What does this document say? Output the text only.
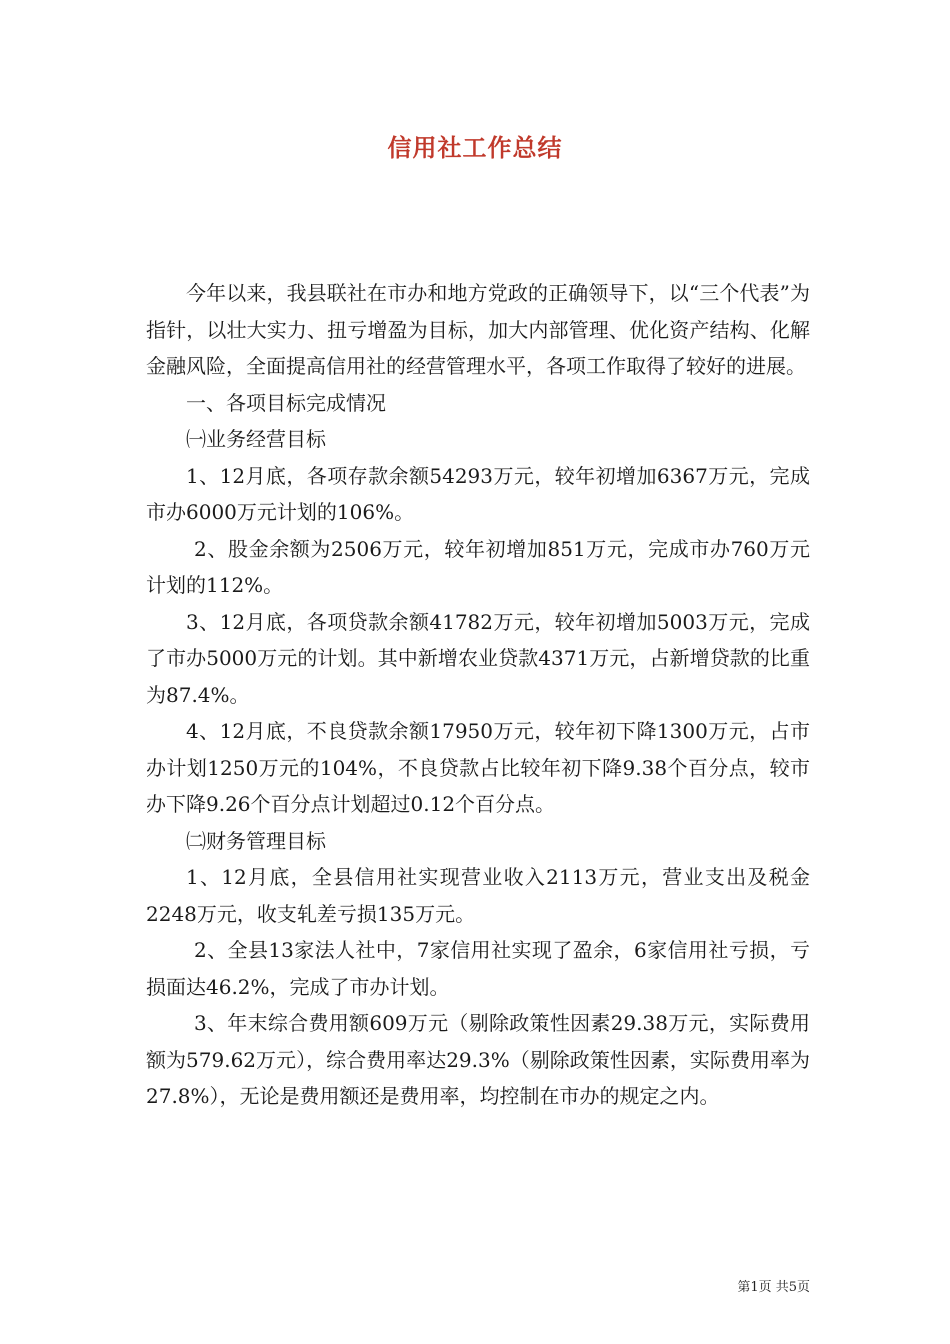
信用社工作总结

今年以来，我县联社在市办和地方党政的正确领导下，以“三个代表”为指针，以壮大实力、扭亏增盈为目标，加大内部管理、优化资产结构、化解金融风险，全面提高信用社的经营管理水平，各项工作取得了较好的进展。

一、各项目标完成情况

㈠业务经营目标

1、12月底，各项存款余额54293万元，较年初增加6367万元，完成市办6000万元计划的106%。

2、股金余额为2506万元，较年初增加851万元，完成市办760万元计划的112%。

3、12月底，各项贷款余额41782万元，较年初增加5003万元，完成了市办5000万元的计划。其中新增农业贷款4371万元，占新增贷款的比重为87.4%。

4、12月底，不良贷款余额17950万元，较年初下降1300万元，占市办计划1250万元的104%，不良贷款占比较年初下降9.38个百分点，较市办下降9.26个百分点计划超过0.12个百分点。

㈡财务管理目标

1、12月底，全县信用社实现营业收入2113万元，营业支出及税金2248万元，收支轧差亏损135万元。

2、全县13家法人社中，7家信用社实现了盈余，6家信用社亏损，亏损面达46.2%，完成了市办计划。

3、年末综合费用额609万元（剔除政策性因素29.38万元，实际费用额为579.62万元），综合费用率达29.3%（剔除政策性因素，实际费用率为27.8%），无论是费用额还是费用率，均控制在市办的规定之内。

第1页 共5页
